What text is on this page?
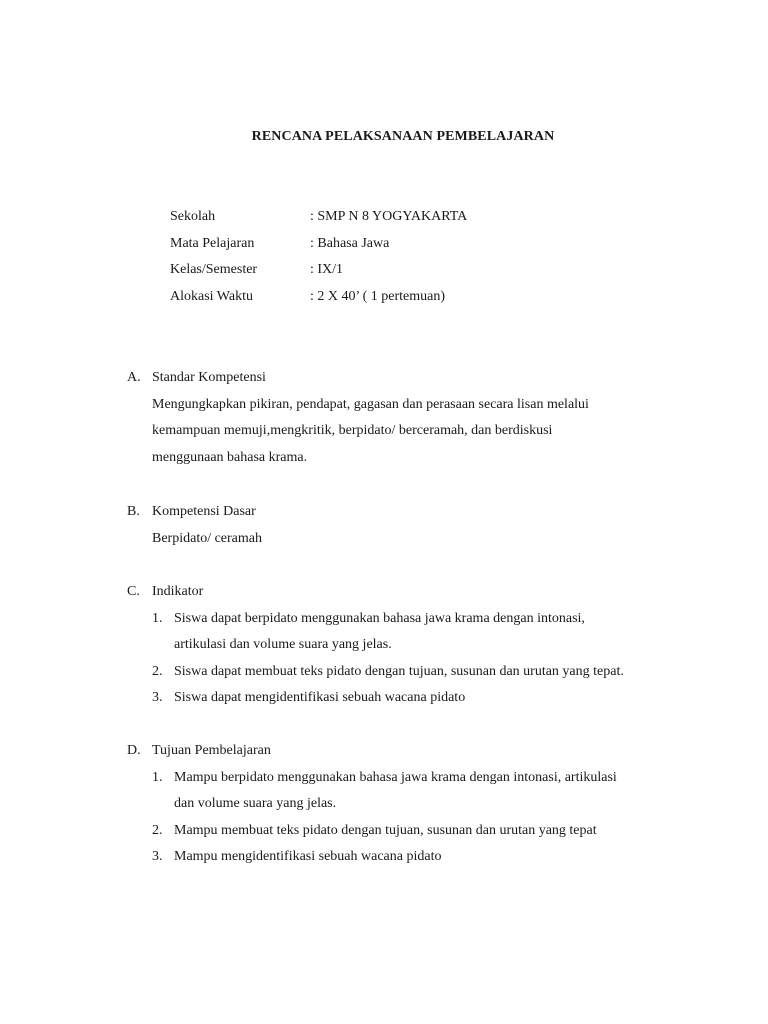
RENCANA PELAKSANAAN PEMBELAJARAN
Sekolah	: SMP N 8 YOGYAKARTA
Mata Pelajaran	: Bahasa Jawa
Kelas/Semester	: IX/1
Alokasi Waktu	: 2 X 40’ ( 1 pertemuan)
A. Standar Kompetensi
Mengungkapkan pikiran, pendapat, gagasan dan perasaan secara lisan melalui
kemampuan memuji,mengkritik, berpidato/ berceramah, dan berdiskusi
menggunaan bahasa krama.
B. Kompetensi Dasar
Berpidato/ ceramah
C. Indikator
1. Siswa dapat berpidato menggunakan bahasa jawa krama dengan intonasi,
artikulasi dan volume suara yang jelas.
2. Siswa dapat membuat teks pidato dengan tujuan, susunan dan urutan yang tepat.
3. Siswa dapat mengidentifikasi sebuah wacana pidato
D. Tujuan Pembelajaran
1. Mampu berpidato menggunakan bahasa jawa krama dengan intonasi, artikulasi
dan volume suara yang jelas.
2. Mampu membuat teks pidato dengan tujuan, susunan dan urutan yang tepat
3. Mampu mengidentifikasi sebuah wacana pidato
